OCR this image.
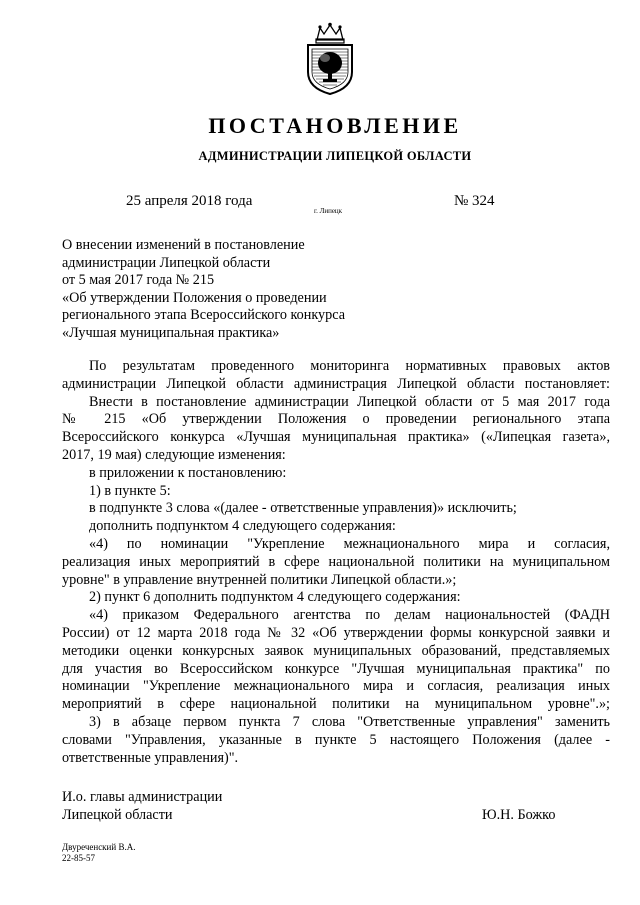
ПОСТАНОВЛЕНИЕ
АДМИНИСТРАЦИИ ЛИПЕЦКОЙ ОБЛАСТИ
25 апреля 2018 года
г. Липецк
№ 324
О внесении изменений в постановление
администрации Липецкой области
от 5 мая 2017 года № 215
«Об утверждении Положения о проведении
регионального этапа Всероссийского конкурса
«Лучшая муниципальная практика»
По результатам проведенного мониторинга нормативных правовых актов
администрации Липецкой области администрация Липецкой области постановляет:
Внести в постановление администрации Липецкой области от 5 мая 2017 года
№ 215 «Об утверждении Положения о проведении регионального этапа
Всероссийского конкурса «Лучшая муниципальная практика» («Липецкая газета»,
2017, 19 мая) следующие изменения:
в приложении к постановлению:
1) в пункте 5:
в подпункте 3 слова «(далее - ответственные управления)» исключить;
дополнить подпунктом 4 следующего содержания:
«4) по номинации "Укрепление межнационального мира и согласия,
реализация иных мероприятий в сфере национальной политики на муниципальном
уровне" в управление внутренней политики Липецкой области.»;
2) пункт 6 дополнить подпунктом 4 следующего содержания:
«4) приказом Федерального агентства по делам национальностей (ФАДН
России) от 12 марта 2018 года № 32 «Об утверждении формы конкурсной заявки и
методики оценки конкурсных заявок муниципальных образований, представляемых
для участия во Всероссийском конкурсе "Лучшая муниципальная практика" по
номинации "Укрепление межнационального мира и согласия, реализация иных
мероприятий в сфере национальной политики на муниципальном уровне".»;
3) в абзаце первом пункта 7 слова "Ответственные управления" заменить
словами "Управления, указанные в пункте 5 настоящего Положения (далее -
ответственные управления)".
И.о. главы администрации
Липецкой области	Ю.Н. Божко
Двуреченский В.А.
22-85-57
